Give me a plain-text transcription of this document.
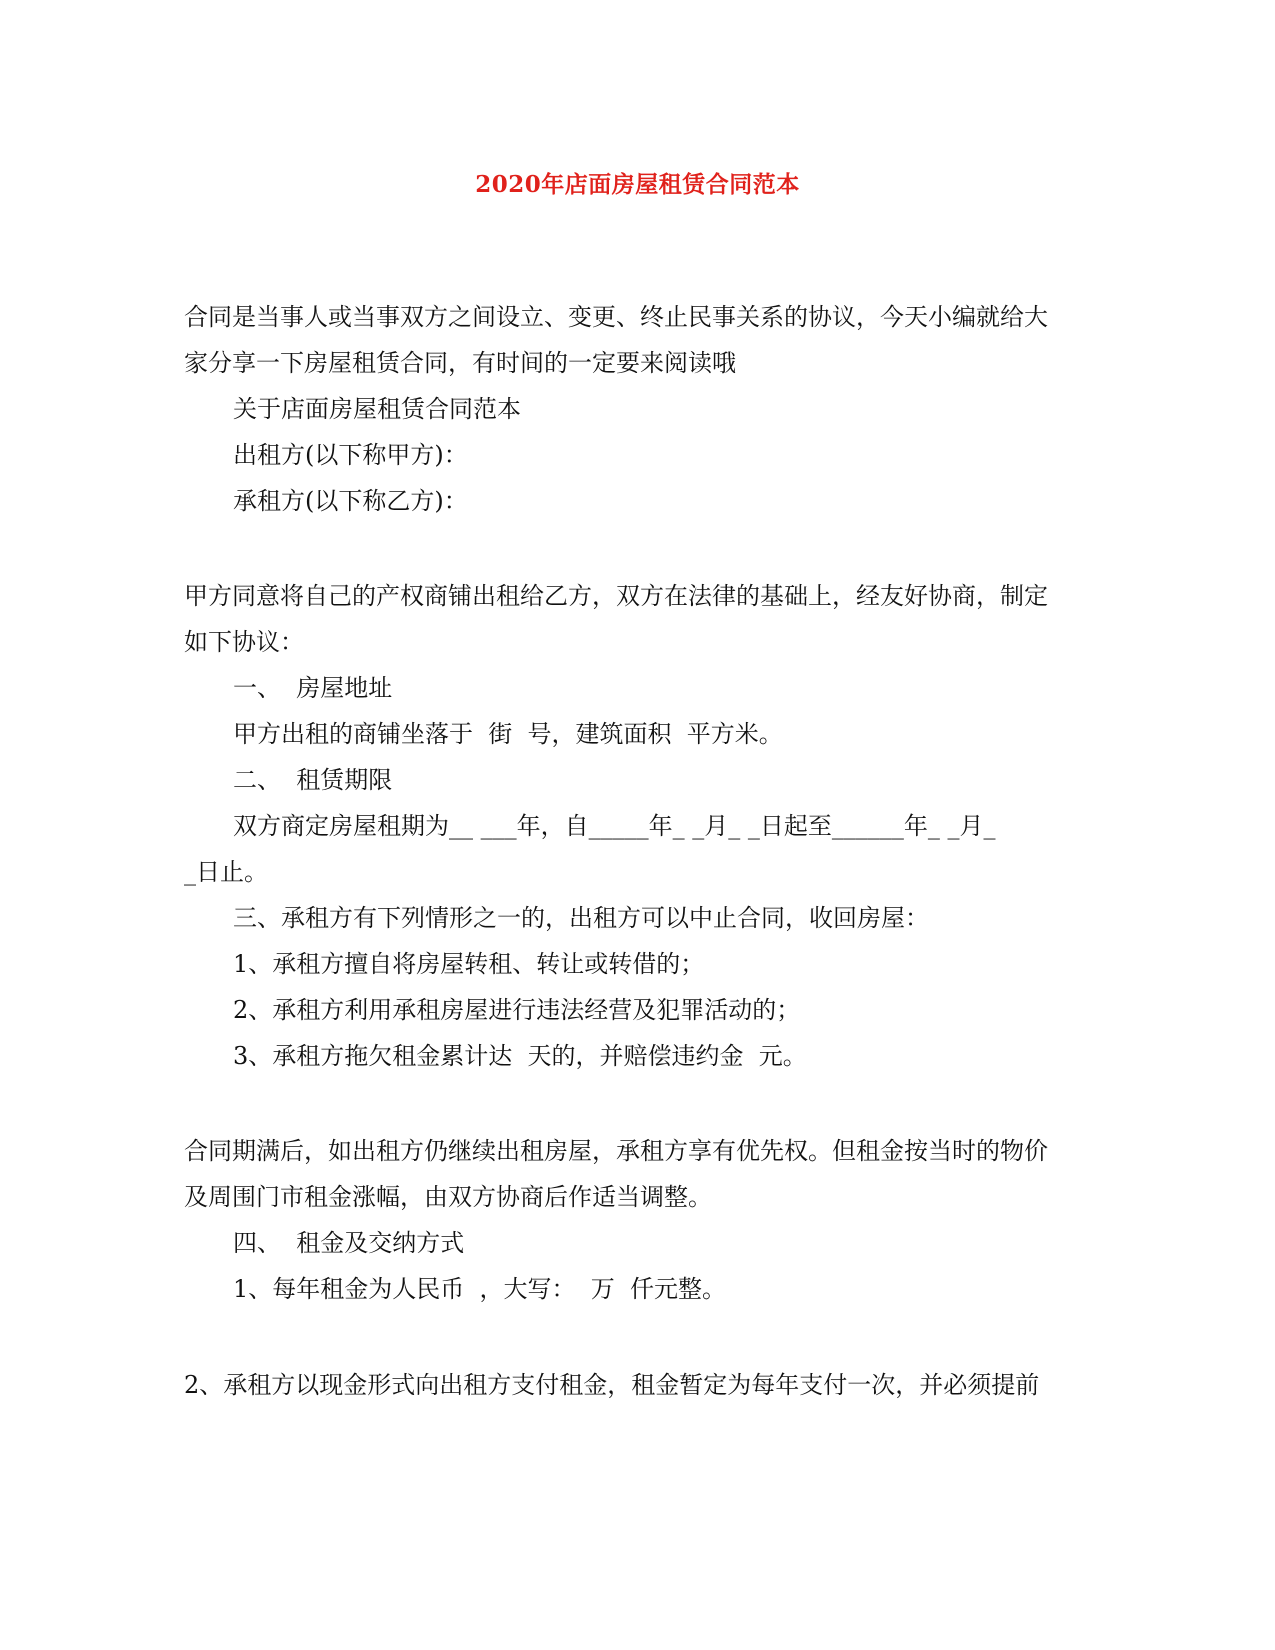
2020年店面房屋租赁合同范本
合同是当事人或当事双方之间设立、变更、终止民事关系的协议，今天小编就给大
家分享一下房屋租赁合同，有时间的一定要来阅读哦
关于店面房屋租赁合同范本
出租方(以下称甲方)：
承租方(以下称乙方)：
甲方同意将自己的产权商铺出租给乙方，双方在法律的基础上，经友好协商，制定
如下协议：
一、  房屋地址
甲方出租的商铺坐落于  街  号，建筑面积  平方米。
二、  租赁期限
双方商定房屋租期为__ ___年，自_____年_ _月_ _日起至______年_ _月_
_日止。
三、承租方有下列情形之一的，出租方可以中止合同，收回房屋：
1、承租方擅自将房屋转租、转让或转借的；
2、承租方利用承租房屋进行违法经营及犯罪活动的；
3、承租方拖欠租金累计达  天的，并赔偿违约金  元。
合同期满后，如出租方仍继续出租房屋，承租方享有优先权。但租金按当时的物价
及周围门市租金涨幅，由双方协商后作适当调整。
四、  租金及交纳方式
1、每年租金为人民币  ，大写：  万  仟元整。
2、承租方以现金形式向出租方支付租金，租金暂定为每年支付一次，并必须提前
